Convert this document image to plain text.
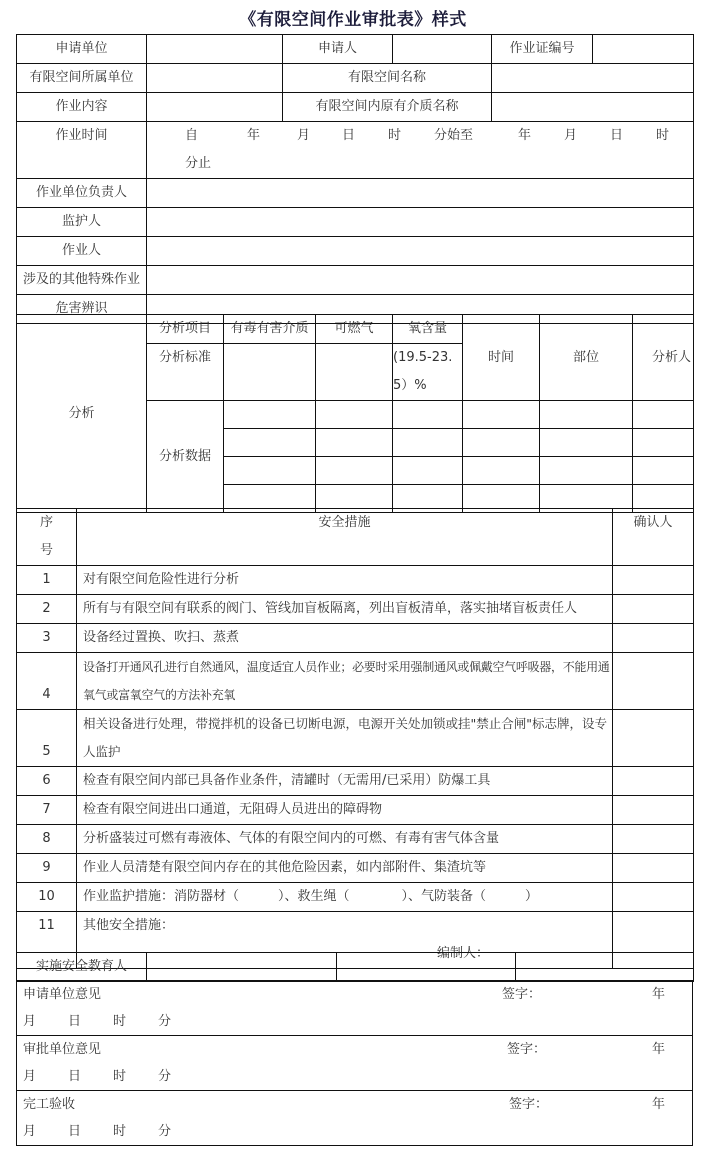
《有限空间作业审批表》样式
申请单位		申请人		作业证编号	
有限空间所属单位		有限空间名称			
作业内容		有限空间内原有介质名称			
作业时间	自	年	月	日	时	分始至	年	月	日	时
分止

作业单位负责人					
监护人					
作业人					
涉及的其他特殊作业					
危害辨识					
分析	分析项目	有毒有害介质	可燃气	氧含量	时间	部位	分析人
	分析标准			(19.5-23.5）%			
	分析数据						

序号	安全措施	确认人
1	对有限空间危险性进行分析	
2	所有与有限空间有联系的阀门、管线加盲板隔离，列出盲板清单，落实抽堵盲板责任人	
3	设备经过置换、吹扫、蒸煮	
4	设备打开通风孔进行自然通风，温度适宜人员作业；必要时采用强制通风或佩戴空气呼吸器，不能用通氧气或富氧空气的方法补充氧	
5	相关设备进行处理，带搅拌机的设备已切断电源，电源开关处加锁或挂"禁止合闸"标志牌，设专人监护	
6	检查有限空间内部已具备作业条件，清罐时（无需用/已采用）防爆工具	
7	检查有限空间进出口通道，无阻碍人员进出的障碍物	
8	分析盛装过可燃有毒液体、气体的有限空间内的可燃、有毒有害气体含量	
9	作业人员清楚有限空间内存在的其他危险因素，如内部附件、集渣坑等	
10	作业监护措施：消防器材（　　　）、救生绳（　　　　）、气防装备（　　　）	
11	其他安全措施：
编制人：	

实施安全教育人			
申请单位意见	签字：	年
月 日 时 分

审批单位意见	签字：	年
月 日 时 分

完工验收	签字：	年
月 日 时 分
